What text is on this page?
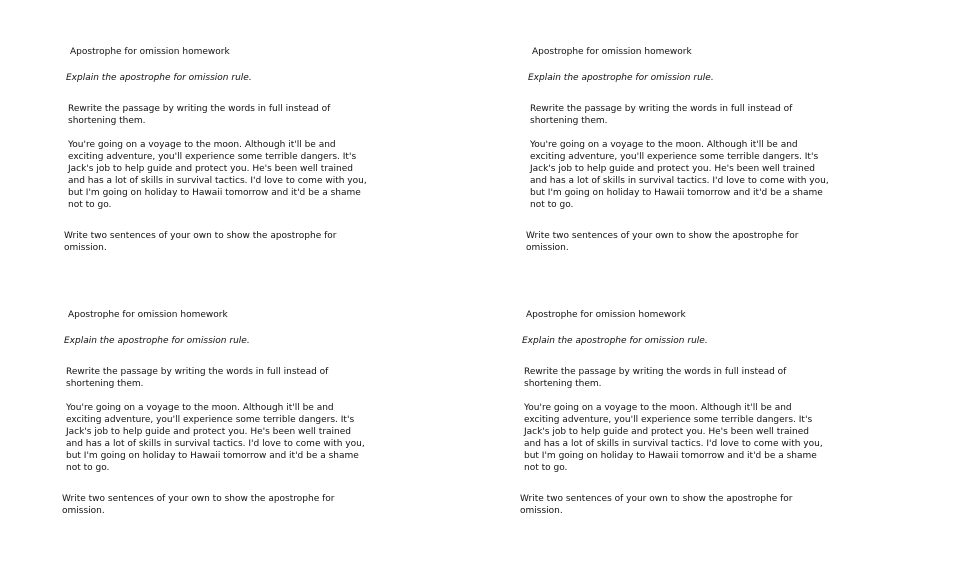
Apostrophe for omission homework

Explain the apostrophe for omission rule.

Rewrite the passage by writing the words in full instead of shortening them.

You're going on a voyage to the moon. Although it'll be and exciting adventure, you'll experience some terrible dangers. It's Jack's job to help guide and protect you. He's been well trained and has a lot of skills in survival tactics. I'd love to come with you, but I'm going on holiday to Hawaii tomorrow and it'd be a shame not to go.

Write two sentences of your own to show the apostrophe for omission.

Apostrophe for omission homework

Explain the apostrophe for omission rule.

Rewrite the passage by writing the words in full instead of shortening them.

You're going on a voyage to the moon. Although it'll be and exciting adventure, you'll experience some terrible dangers. It's Jack's job to help guide and protect you. He's been well trained and has a lot of skills in survival tactics. I'd love to come with you, but I'm going on holiday to Hawaii tomorrow and it'd be a shame not to go.

Write two sentences of your own to show the apostrophe for omission.

Apostrophe for omission homework

Explain the apostrophe for omission rule.

Rewrite the passage by writing the words in full instead of shortening them.

You're going on a voyage to the moon. Although it'll be and exciting adventure, you'll experience some terrible dangers. It's Jack's job to help guide and protect you. He's been well trained and has a lot of skills in survival tactics. I'd love to come with you, but I'm going on holiday to Hawaii tomorrow and it'd be a shame not to go.

Write two sentences of your own to show the apostrophe for omission.

Apostrophe for omission homework

Explain the apostrophe for omission rule.

Rewrite the passage by writing the words in full instead of shortening them.

You're going on a voyage to the moon. Although it'll be and exciting adventure, you'll experience some terrible dangers. It's Jack's job to help guide and protect you. He's been well trained and has a lot of skills in survival tactics. I'd love to come with you, but I'm going on holiday to Hawaii tomorrow and it'd be a shame not to go.

Write two sentences of your own to show the apostrophe for omission.
